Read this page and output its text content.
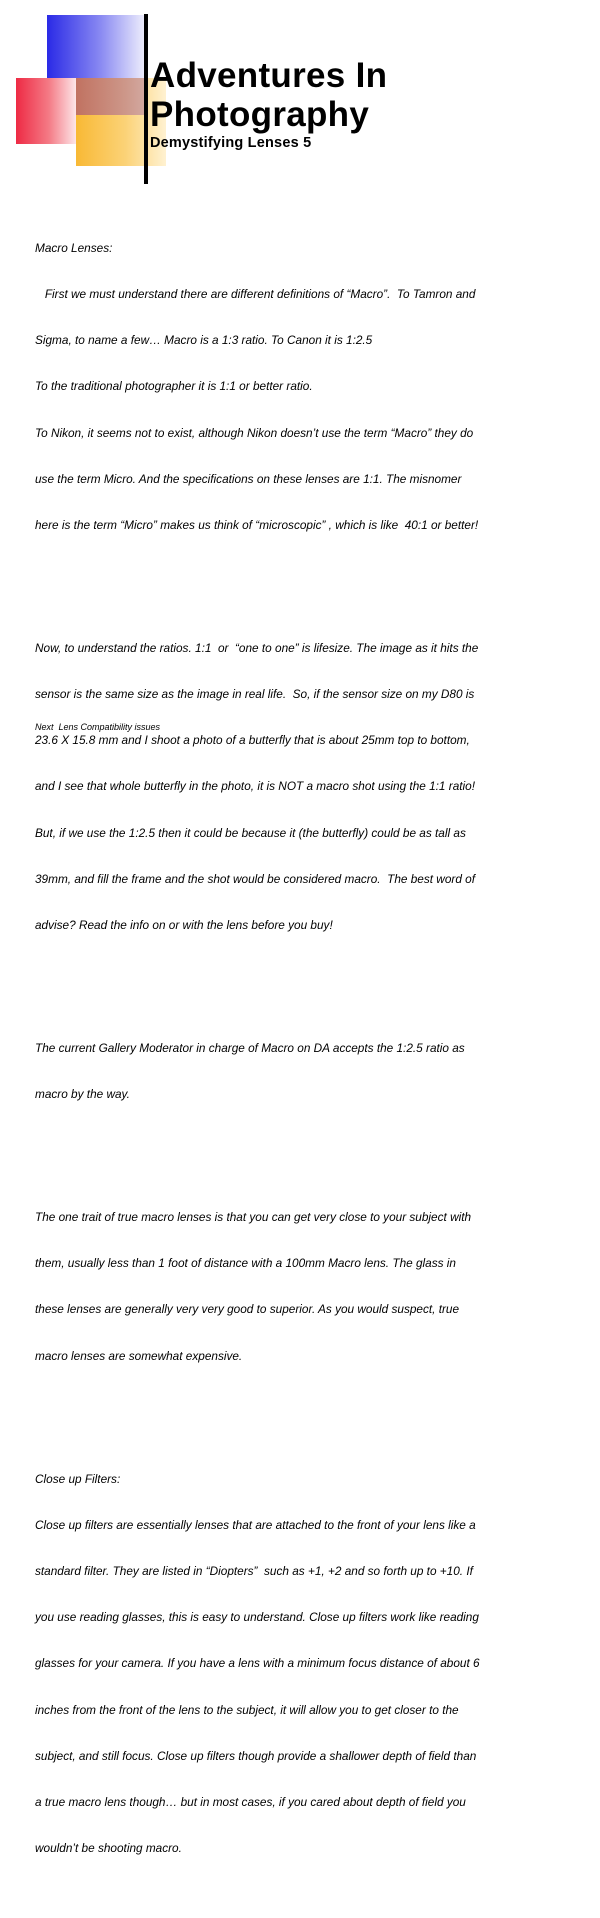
Adventures In
Photography
Demystifying Lenses 5

Macro Lenses:

First we must understand there are different definitions of “Macro”.  To Tamron and

Sigma, to name a few… Macro is a 1:3 ratio. To Canon it is 1:2.5

To the traditional photographer it is 1:1 or better ratio.

To Nikon, it seems not to exist, although Nikon doesn’t use the term “Macro” they do

use the term Micro. And the specifications on these lenses are 1:1. The misnomer

here is the term “Micro” makes us think of “microscopic” , which is like  40:1 or better!

Now, to understand the ratios. 1:1  or  “one to one” is lifesize. The image as it hits the

sensor is the same size as the image in real life.  So, if the sensor size on my D80 is

23.6 X 15.8 mm and I shoot a photo of a butterfly that is about 25mm top to bottom,

and I see that whole butterfly in the photo, it is NOT a macro shot using the 1:1 ratio!

But, if we use the 1:2.5 then it could be because it (the butterfly) could be as tall as

39mm, and fill the frame and the shot would be considered macro.  The best word of

advise? Read the info on or with the lens before you buy!

The current Gallery Moderator in charge of Macro on DA accepts the 1:2.5 ratio as

macro by the way.

The one trait of true macro lenses is that you can get very close to your subject with

them, usually less than 1 foot of distance with a 100mm Macro lens. The glass in

these lenses are generally very very good to superior. As you would suspect, true

macro lenses are somewhat expensive.

Close up Filters:

Close up filters are essentially lenses that are attached to the front of your lens like a

standard filter. They are listed in “Diopters”  such as +1, +2 and so forth up to +10. If

you use reading glasses, this is easy to understand. Close up filters work like reading

glasses for your camera. If you have a lens with a minimum focus distance of about 6

inches from the front of the lens to the subject, it will allow you to get closer to the

subject, and still focus. Close up filters though provide a shallower depth of field than

a true macro lens though… but in most cases, if you cared about depth of field you

wouldn’t be shooting macro.

Next  Lens Compatibility issues
